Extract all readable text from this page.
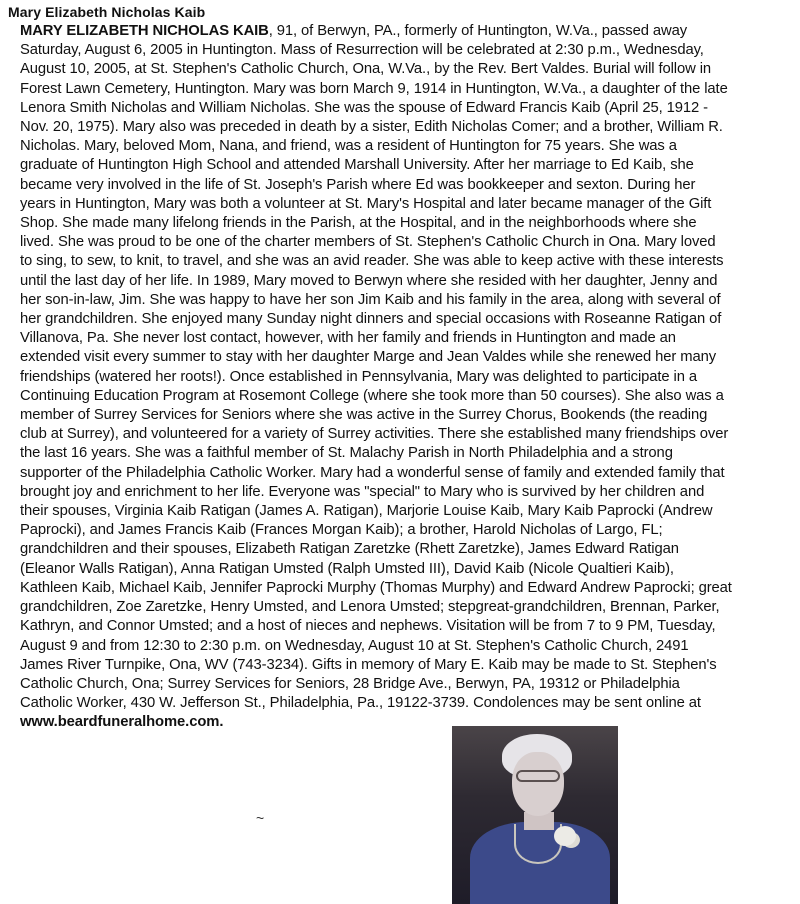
Mary Elizabeth Nicholas Kaib
MARY ELIZABETH NICHOLAS KAIB, 91, of Berwyn, PA., formerly of Huntington, W.Va., passed away
Saturday, August 6, 2005 in Huntington. Mass of Resurrection will be celebrated at 2:30 p.m., Wednesday,
August 10, 2005, at St. Stephen's Catholic Church, Ona, W.Va., by the Rev. Bert Valdes. Burial will follow in
Forest Lawn Cemetery, Huntington. Mary was born March 9, 1914 in Huntington, W.Va., a daughter of the late
Lenora Smith Nicholas and William Nicholas. She was the spouse of Edward Francis Kaib (April 25, 1912 -
Nov. 20, 1975). Mary also was preceded in death by a sister, Edith Nicholas Comer; and a brother, William R.
Nicholas. Mary, beloved Mom, Nana, and friend, was a resident of Huntington for 75 years. She was a
graduate of Huntington High School and attended Marshall University. After her marriage to Ed Kaib, she
became very involved in the life of St. Joseph's Parish where Ed was bookkeeper and sexton. During her
years in Huntington, Mary was both a volunteer at St. Mary's Hospital and later became manager of the Gift
Shop. She made many lifelong friends in the Parish, at the Hospital, and in the neighborhoods where she
lived. She was proud to be one of the charter members of St. Stephen's Catholic Church in Ona. Mary loved
to sing, to sew, to knit, to travel, and she was an avid reader. She was able to keep active with these interests
until the last day of her life. In 1989, Mary moved to Berwyn where she resided with her daughter, Jenny and
her son-in-law, Jim. She was happy to have her son Jim Kaib and his family in the area, along with several of
her grandchildren. She enjoyed many Sunday night dinners and special occasions with Roseanne Ratigan of
Villanova, Pa. She never lost contact, however, with her family and friends in Huntington and made an
extended visit every summer to stay with her daughter Marge and Jean Valdes while she renewed her many
friendships (watered her roots!). Once established in Pennsylvania, Mary was delighted to participate in a
Continuing Education Program at Rosemont College (where she took more than 50 courses). She also was a
member of Surrey Services for Seniors where she was active in the Surrey Chorus, Bookends (the reading
club at Surrey), and volunteered for a variety of Surrey activities. There she established many friendships over
the last 16 years. She was a faithful member of St. Malachy Parish in North Philadelphia and a strong
supporter of the Philadelphia Catholic Worker. Mary had a wonderful sense of family and extended family that
brought joy and enrichment to her life. Everyone was "special" to Mary who is survived by her children and
their spouses, Virginia Kaib Ratigan (James A. Ratigan), Marjorie Louise Kaib, Mary Kaib Paprocki (Andrew
Paprocki), and James Francis Kaib (Frances Morgan Kaib); a brother, Harold Nicholas of Largo, FL;
grandchildren and their spouses, Elizabeth Ratigan Zaretzke (Rhett Zaretzke), James Edward Ratigan
(Eleanor Walls Ratigan), Anna Ratigan Umsted (Ralph Umsted III), David Kaib (Nicole Qualtieri Kaib),
Kathleen Kaib, Michael Kaib, Jennifer Paprocki Murphy (Thomas Murphy) and Edward Andrew Paprocki; great
grandchildren, Zoe Zaretzke, Henry Umsted, and Lenora Umsted; stepgreat-grandchildren, Brennan, Parker,
Kathryn, and Connor Umsted; and a host of nieces and nephews. Visitation will be from 7 to 9 PM, Tuesday,
August 9 and from 12:30 to 2:30 p.m. on Wednesday, August 10 at St. Stephen's Catholic Church, 2491
James River Turnpike, Ona, WV (743-3234). Gifts in memory of Mary E. Kaib may be made to St. Stephen's
Catholic Church, Ona; Surrey Services for Seniors, 28 Bridge Ave., Berwyn, PA, 19312 or Philadelphia
Catholic Worker, 430 W. Jefferson St., Philadelphia, Pa., 19122-3739. Condolences may be sent online at
www.beardfuneralhome.com.
~
